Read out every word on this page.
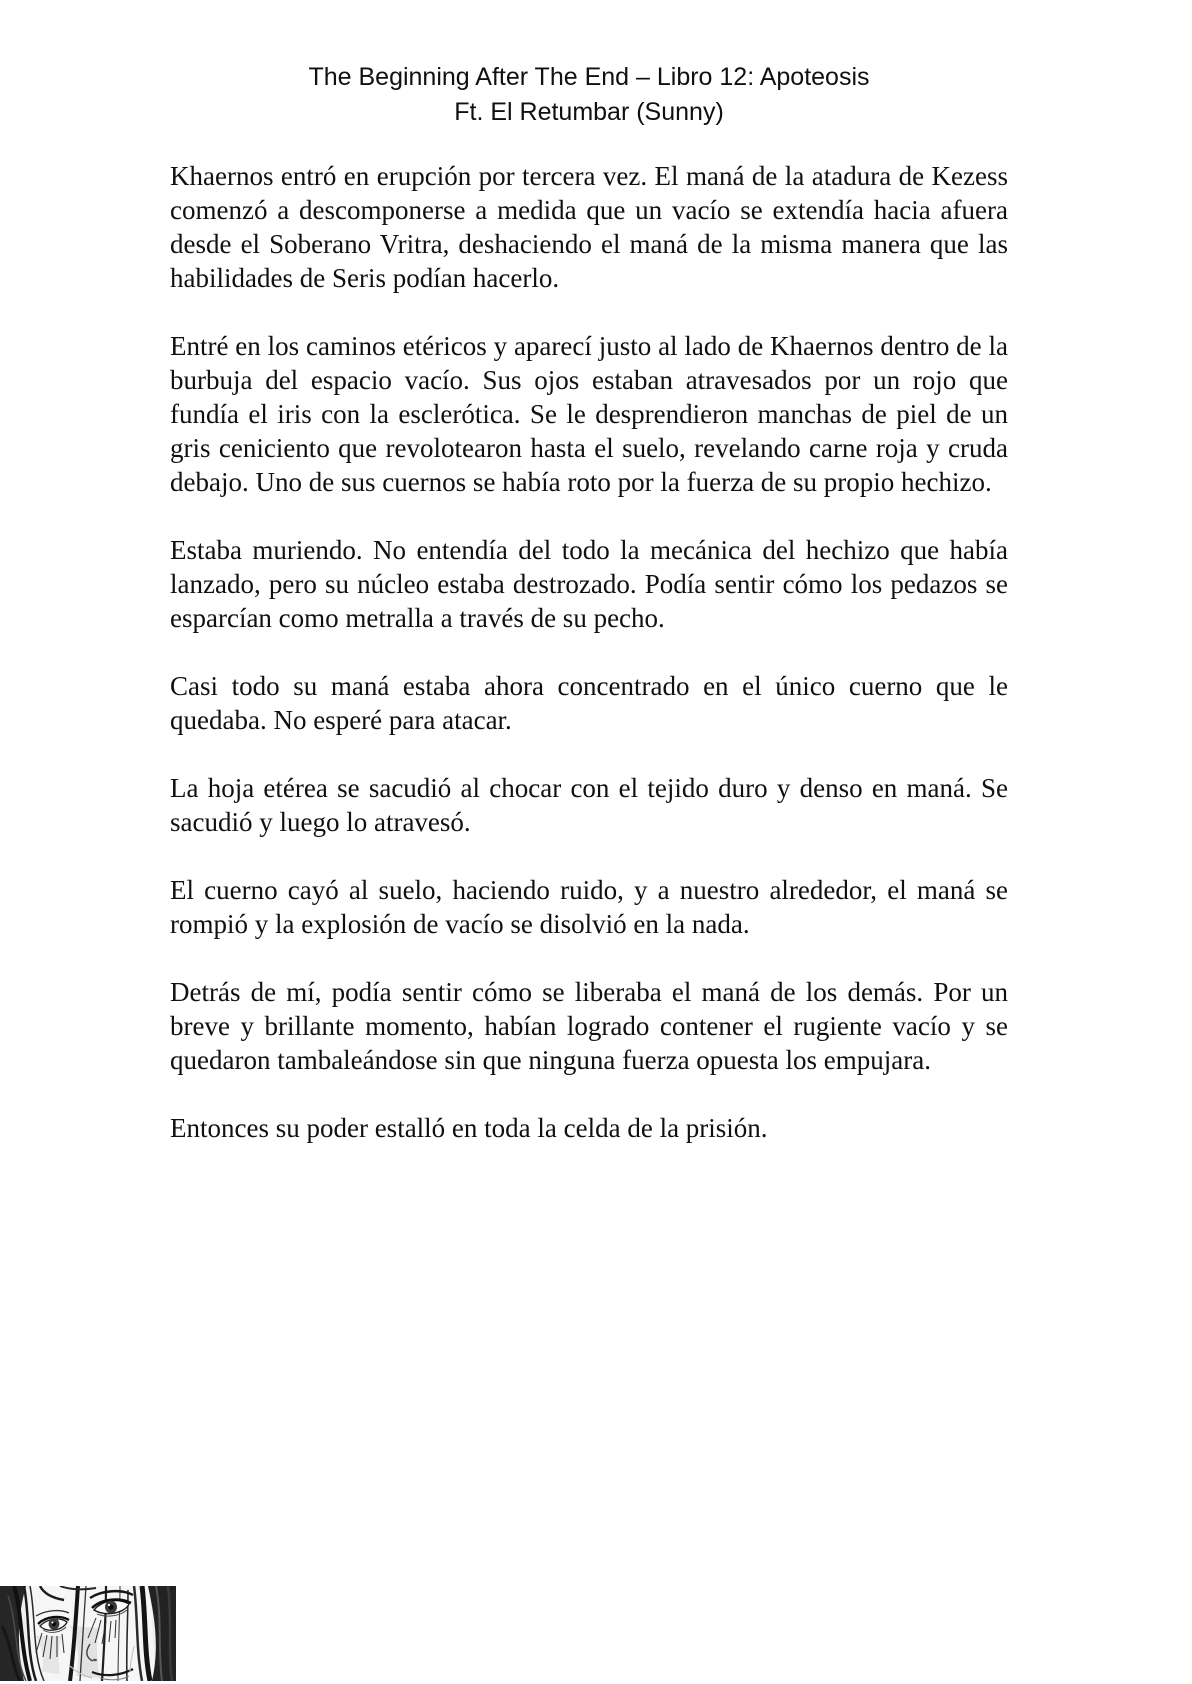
The Beginning After The End – Libro 12: Apoteosis
Ft. El Retumbar (Sunny)

Khaernos entró en erupción por tercera vez. El maná de la atadura de Kezess comenzó a descomponerse a medida que un vacío se extendía hacia afuera desde el Soberano Vritra, deshaciendo el maná de la misma manera que las habilidades de Seris podían hacerlo.

Entré en los caminos etéricos y aparecí justo al lado de Khaernos dentro de la burbuja del espacio vacío. Sus ojos estaban atravesados por un rojo que fundía el iris con la esclerótica. Se le desprendieron manchas de piel de un gris ceniciento que revolotearon hasta el suelo, revelando carne roja y cruda debajo. Uno de sus cuernos se había roto por la fuerza de su propio hechizo.

Estaba muriendo. No entendía del todo la mecánica del hechizo que había lanzado, pero su núcleo estaba destrozado. Podía sentir cómo los pedazos se esparcían como metralla a través de su pecho.

Casi todo su maná estaba ahora concentrado en el único cuerno que le quedaba. No esperé para atacar.

La hoja etérea se sacudió al chocar con el tejido duro y denso en maná. Se sacudió y luego lo atravesó.

El cuerno cayó al suelo, haciendo ruido, y a nuestro alrededor, el maná se rompió y la explosión de vacío se disolvió en la nada.

Detrás de mí, podía sentir cómo se liberaba el maná de los demás. Por un breve y brillante momento, habían logrado contener el rugiente vacío y se quedaron tambaleándose sin que ninguna fuerza opuesta los empujara.

Entonces su poder estalló en toda la celda de la prisión.
